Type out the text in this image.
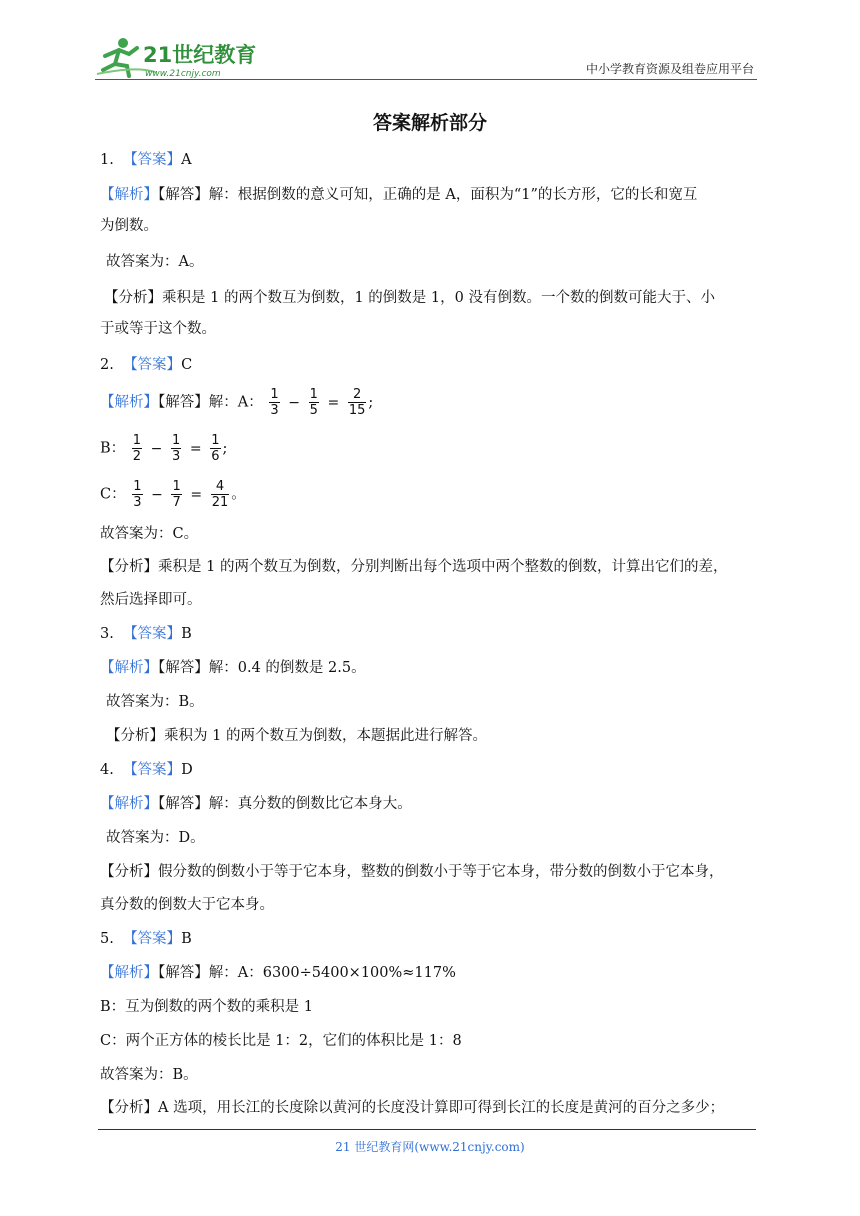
21世纪教育
www.21cnjy.com	中小学教育资源及组卷应用平台
答案解析部分
1. 【答案】A
【解析】【解答】解：根据倒数的意义可知，正确的是 A，面积为“1”的长方形，它的长和宽互
为倒数。
故答案为：A。
【分析】乘积是 1 的两个数互为倒数，1 的倒数是 1，0 没有倒数。一个数的倒数可能大于、小
于或等于这个数。
2. 【答案】C
【解析】【解答】解：A： $\frac{1}{3} - \frac{1}{5} = \frac{2}{15}$ ;
B： $\frac{1}{2} - \frac{1}{3} = \frac{1}{6}$ ;
C： $\frac{1}{3} - \frac{1}{7} = \frac{4}{21}$ 。
故答案为：C。
【分析】乘积是 1 的两个数互为倒数，分别判断出每个选项中两个整数的倒数，计算出它们的差，
然后选择即可。
3. 【答案】B
【解析】【解答】解：0.4 的倒数是 2.5。
故答案为：B。
【分析】乘积为 1 的两个数互为倒数，本题据此进行解答。
4. 【答案】D
【解析】【解答】解：真分数的倒数比它本身大。
故答案为：D。
【分析】假分数的倒数小于等于它本身，整数的倒数小于等于它本身，带分数的倒数小于它本身，
真分数的倒数大于它本身。
5. 【答案】B
【解析】【解答】解：A：6300÷5400×100%≈117%
B：互为倒数的两个数的乘积是 1
C：两个正方体的棱长比是 1：2，它们的体积比是 1：8
故答案为：B。
【分析】A 选项，用长江的长度除以黄河的长度没计算即可得到长江的长度是黄河的百分之多少；
21 世纪教育网(www.21cnjy.com)
